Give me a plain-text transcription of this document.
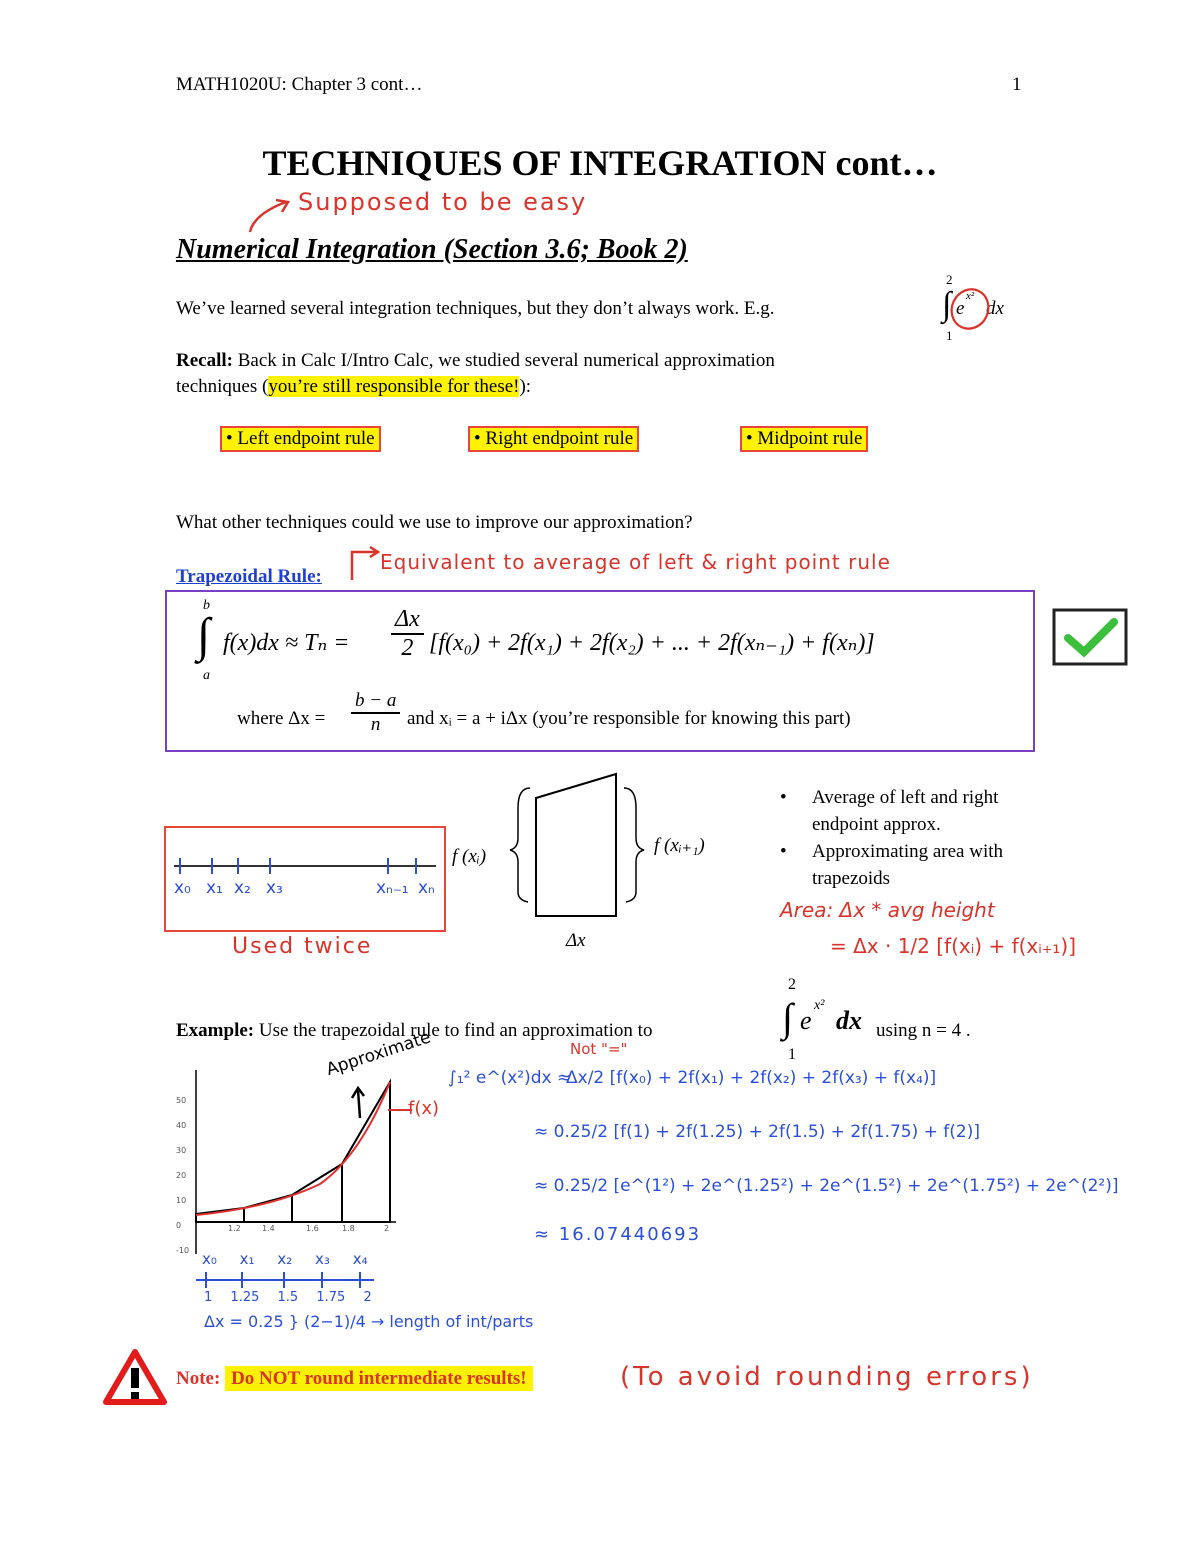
MATH1020U: Chapter 3 cont…	1
TECHNIQUES OF INTEGRATION cont…
Supposed to be easy
Numerical Integration (Section 3.6; Book 2)
We’ve learned several integration techniques, but they don’t always work. E.g.
2
∫
1
e
x²
dx
Recall: Back in Calc I/Intro Calc, we studied several numerical approximation
techniques (you’re still responsible for these!):
• Left endpoint rule	• Right endpoint rule	• Midpoint rule
What other techniques could we use to improve our approximation?
Trapezoidal Rule:
Equivalent to average of left & right point rule
b
∫
a
$f(x)dx \approx T_n = \frac{\Delta x}{2} [f(x_0) + 2f(x_1) + 2f(x_2)$ + ... + 2f(xₙ₋₁) + f(xₙ)]
where $\Delta x = \frac{b - a}{n}$ and xᵢ = a + iΔx (you’re responsible for knowing this part)
x₀ x₁ x₂ x₃	xₙ₋₁ xₙ
Used twice
f (xᵢ)
f (xᵢ₊₁)
Δx
•	Average of left and right endpoint approx.
•	Approximating area with trapezoids
Area: Δx * avg height
= Δx · 1/2 [f(xᵢ) + f(xᵢ₊₁)]
Example: Use the trapezoidal rule to find an approximation to
2
∫
1
e
x²
dx using n = 4 .
50
40
30
20
10
0
-10
1.2	1.4	1.6	1.8	2
Approximate
f(x)
x₀ x₁ x₂ x₃ x₄
1 1.25 1.5 1.75 2
Δx = 0.25 } (2−1)/4 → length of int/parts
Not "="
∫₁² e^(x²)dx ≈
Δx/2 [f(x₀) + 2f(x₁) + 2f(x₂) + 2f(x₃) + f(x₄)]
≈ 0.25/2 [f(1) + 2f(1.25) + 2f(1.5) + 2f(1.75) + f(2)]
≈ 0.25/2 [e^(1²) + 2e^(1.25²) + 2e^(1.5²) + 2e^(1.75²) + 2e^(2²)]
≈ 16.07440693
Note: Do NOT round intermediate results!	(To avoid rounding errors)
